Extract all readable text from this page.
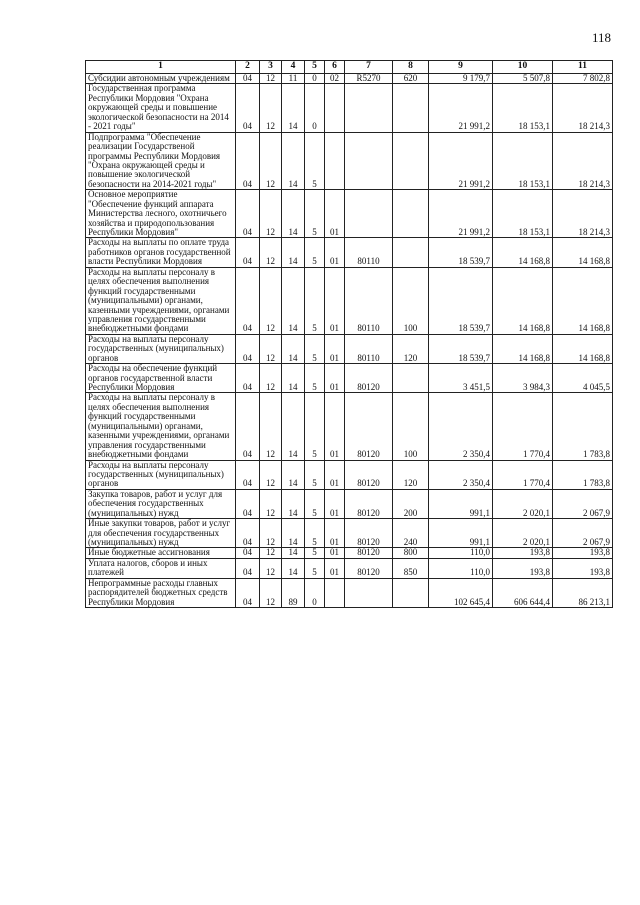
118
1	2	3	4	5	6	7	8	9	10	11
Субсидии автономным учреждениям	04	12	11	0	02	R5270	620	9 179,7	5 507,8	7 802,8
Государственная программа Республики Мордовия "Охрана окружающей среды и повышение экологической безопасности на 2014 - 2021 годы"	04	12	14	0				21 991,2	18 153,1	18 214,3
Подпрограмма "Обеспечение реализации Государственой программы Республики Мордовия "Охрана окружающей среды и повышение экологической безопасности на 2014-2021 годы"	04	12	14	5				21 991,2	18 153,1	18 214,3
Основное мероприятие "Обеспечение функций аппарата Министерства лесного, охотничьего хозяйства и природопользования Республики Мордовия"	04	12	14	5	01			21 991,2	18 153,1	18 214,3
Расходы на выплаты по оплате труда работников органов государственной власти Республики Мордовия	04	12	14	5	01	80110		18 539,7	14 168,8	14 168,8
Расходы на выплаты персоналу в целях обеспечения выполнения функций государственными (муниципальными) органами, казенными учреждениями, органами управления государственными внебюджетными фондами	04	12	14	5	01	80110	100	18 539,7	14 168,8	14 168,8
Расходы на выплаты персоналу государственных (муниципальных) органов	04	12	14	5	01	80110	120	18 539,7	14 168,8	14 168,8
Расходы на обеспечение функций органов государственной власти Республики Мордовия	04	12	14	5	01	80120		3 451,5	3 984,3	4 045,5
Расходы на выплаты персоналу в целях обеспечения выполнения функций государственными (муниципальными) органами, казенными учреждениями, органами управления государственными внебюджетными фондами	04	12	14	5	01	80120	100	2 350,4	1 770,4	1 783,8
Расходы на выплаты персоналу государственных (муниципальных) органов	04	12	14	5	01	80120	120	2 350,4	1 770,4	1 783,8
Закупка товаров, работ и услуг для обеспечения государственных (муниципальных) нужд	04	12	14	5	01	80120	200	991,1	2 020,1	2 067,9
Иные закупки товаров, работ и услуг для обеспечения государственных (муниципальных) нужд	04	12	14	5	01	80120	240	991,1	2 020,1	2 067,9
Иные бюджетные ассигнования	04	12	14	5	01	80120	800	110,0	193,8	193,8
Уплата налогов, сборов и иных платежей	04	12	14	5	01	80120	850	110,0	193,8	193,8
Непрограммные расходы главных распорядителей бюджетных средств Республики Мордовия	04	12	89	0				102 645,4	606 644,4	86 213,1
